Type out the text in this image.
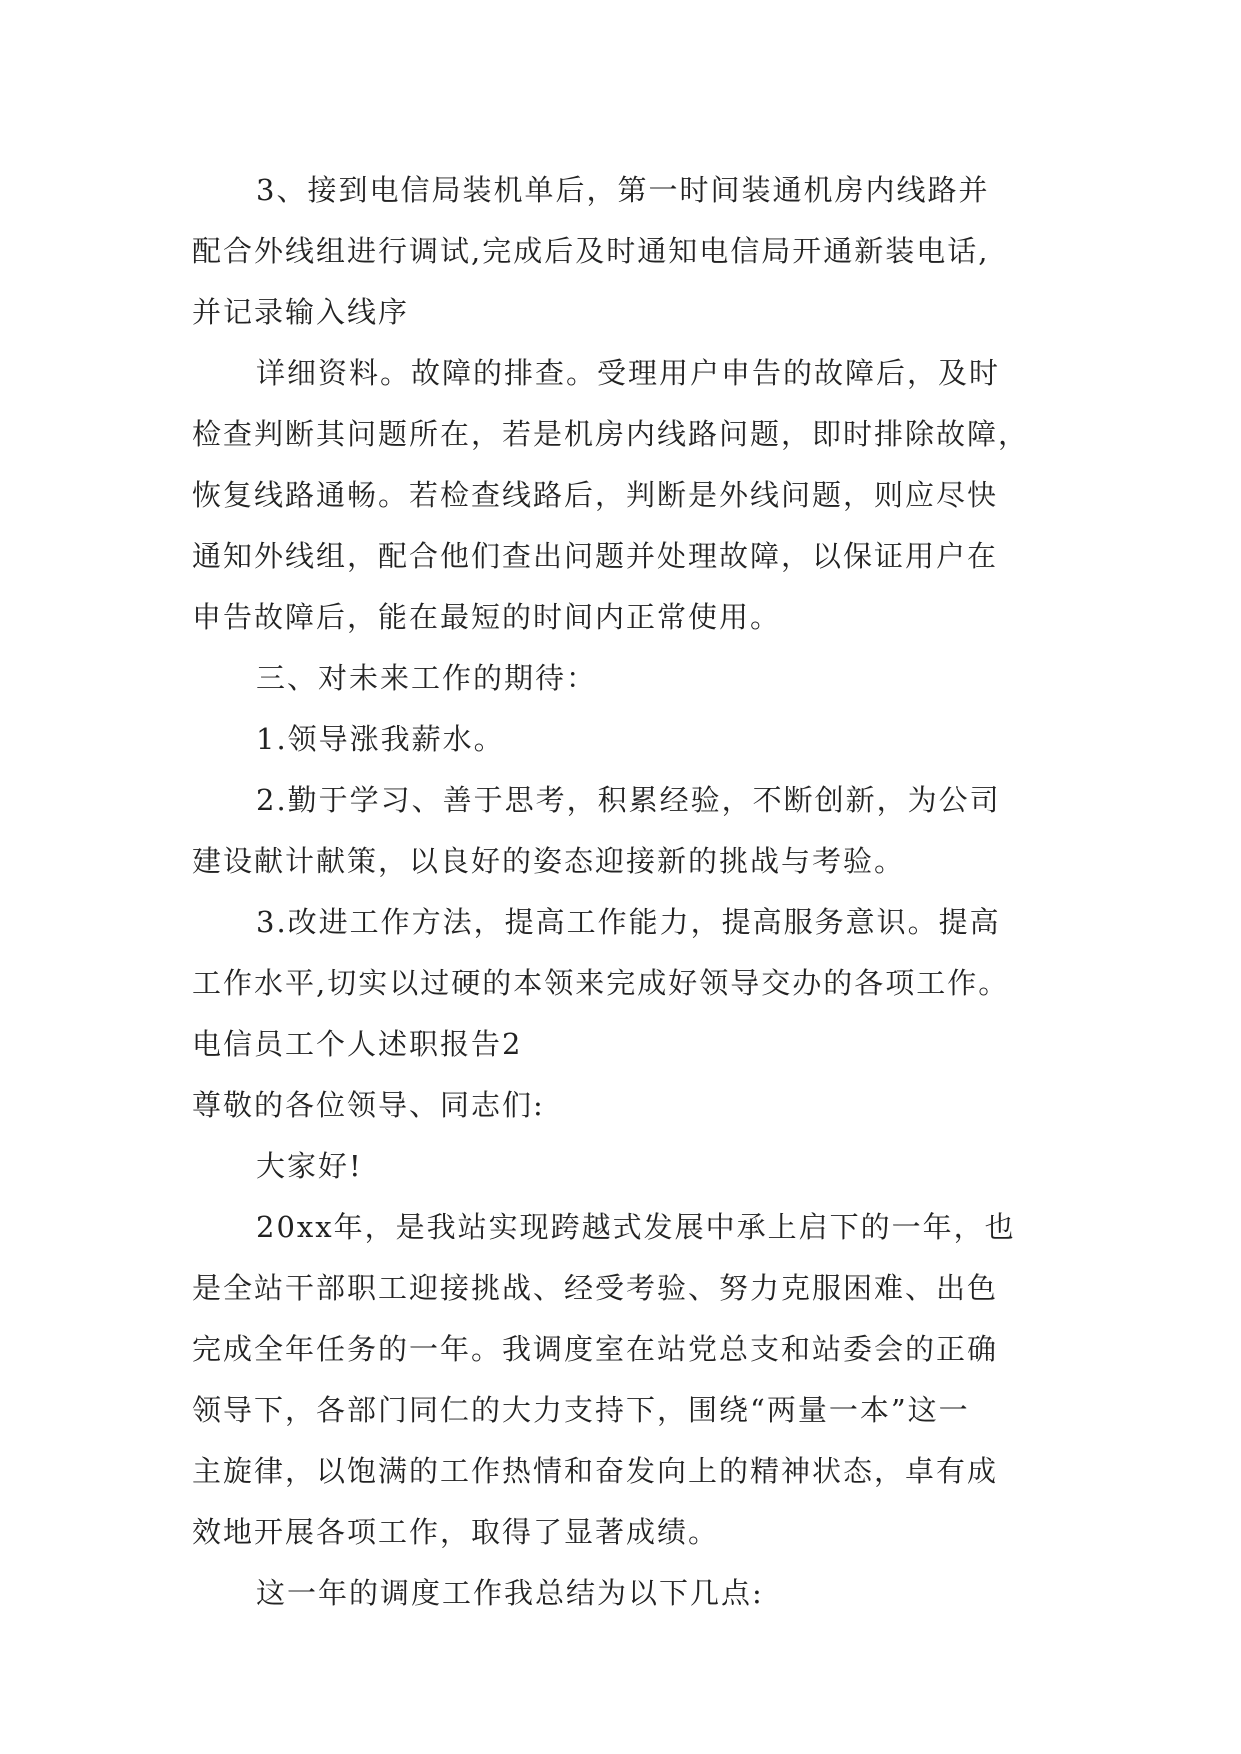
3、接到电信局装机单后，第一时间装通机房内线路并

配合外线组进行调试,完成后及时通知电信局开通新装电话,

并记录输入线序

详细资料。故障的排查。受理用户申告的故障后，及时

检查判断其问题所在，若是机房内线路问题，即时排除故障，

恢复线路通畅。若检查线路后，判断是外线问题，则应尽快

通知外线组，配合他们查出问题并处理故障，以保证用户在

申告故障后，能在最短的时间内正常使用。

三、对未来工作的期待：

1.领导涨我薪水。

2.勤于学习、善于思考，积累经验，不断创新，为公司

建设献计献策，以良好的姿态迎接新的挑战与考验。

3.改进工作方法，提高工作能力，提高服务意识。提高

工作水平,切实以过硬的本领来完成好领导交办的各项工作。

电信员工个人述职报告2

尊敬的各位领导、同志们:

大家好!

20xx年，是我站实现跨越式发展中承上启下的一年，也

是全站干部职工迎接挑战、经受考验、努力克服困难、出色

完成全年任务的一年。我调度室在站党总支和站委会的正确

领导下，各部门同仁的大力支持下，围绕“两量一本”这一

主旋律，以饱满的工作热情和奋发向上的精神状态，卓有成

效地开展各项工作，取得了显著成绩。

这一年的调度工作我总结为以下几点:
